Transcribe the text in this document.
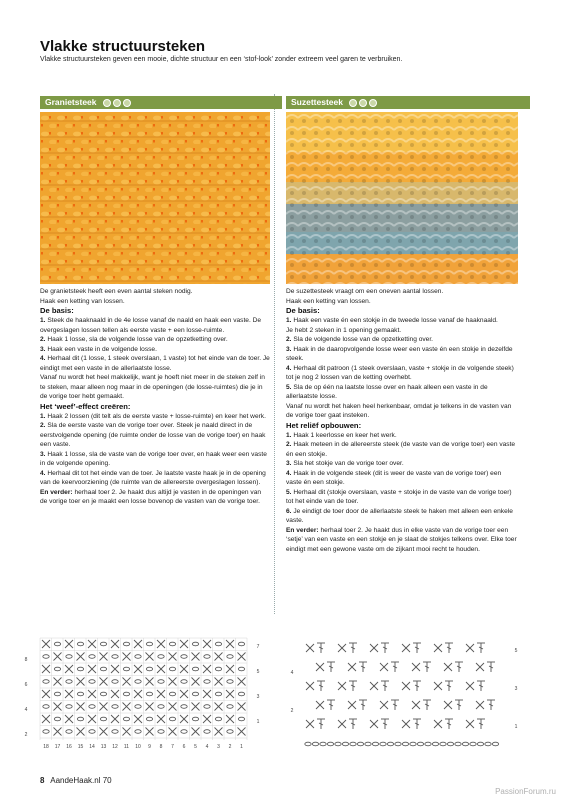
Vlakke structuursteken
Vlakke structuursteken geven een mooie, dichte structuur en een ‘stof-look’ zonder extreem veel garen te verbruiken.
Granietsteek

De granietsteek heeft een even aantal steken nodig.

Haak een ketting van lossen.

De basis:

1. Steek de haaknaald in de 4e losse vanaf de naald en haak een vaste. De overgeslagen lossen tellen als eerste vaste + een losse-ruimte.

2. Haak 1 losse, sla de volgende losse van de opzetketting over.

3. Haak een vaste in de volgende losse.

4. Herhaal dit (1 losse, 1 steek overslaan, 1 vaste) tot het einde van de toer. Je eindigt met een vaste in de allerlaatste losse.

Vanaf nu wordt het heel makkelijk, want je hoeft niet meer in de steken zelf in te steken, maar alleen nog maar in de openingen (de losse-ruimtes) die je in de vorige toer hebt gemaakt.

Het ‘weef’-effect creëren:

1. Haak 2 lossen (dit telt als de eerste vaste + losse-ruimte) en keer het werk.

2. Sla de eerste vaste van de vorige toer over. Steek je naald direct in de eerstvolgende opening (de ruimte onder de losse van de vorige toer) en haak een vaste.

3. Haak 1 losse, sla de vaste van de vorige toer over, en haak weer een vaste in de volgende opening.

4. Herhaal dit tot het einde van de toer. Je laatste vaste haak je in de opening van de keervoorziening (de ruimte van de allereerste overgeslagen lossen).

En verder: herhaal toer 2. Je haakt dus altijd je vasten in de openingen van de vorige toer en je maakt een losse bovenop de vasten van de vorige toer.

8
6
4
2
7
5
3
1
18 17 16 15 14 13 12 11 10 9 8 7 6 5 4 3 2 1
Suzettesteek

De suzettesteek vraagt om een oneven aantal lossen.

Haak een ketting van lossen.

De basis:

1. Haak een vaste én een stokje in de tweede losse vanaf de haaknaald.

Je hebt 2 steken in 1 opening gemaakt.

2. Sla de volgende losse van de opzetketting over.

3. Haak in de daaropvolgende losse weer een vaste én een stokje in dezelfde steek.

4. Herhaal dit patroon (1 steek overslaan, vaste + stokje in de volgende steek) tot je nog 2 lossen van de ketting overhebt.

5. Sla de op één na laatste losse over en haak alleen een vaste in de allerlaatste losse.

Vanaf nu wordt het haken heel herkenbaar, omdat je telkens in de vasten van de vorige toer gaat insteken.

Het reliëf opbouwen:

1. Haak 1 keerlosse en keer het werk.

2. Haak meteen in de allereerste steek (de vaste van de vorige toer) een vaste én een stokje.

3. Sla het stokje van de vorige toer over.

4. Haak in de volgende steek (dit is weer de vaste van de vorige toer) een vaste én een stokje.

5. Herhaal dit (stokje overslaan, vaste + stokje in de vaste van de vorige toer) tot het einde van de toer.

6. Je eindigt de toer door de allerlaatste steek te haken met alleen een enkele vaste.

En verder: herhaal toer 2. Je haakt dus in elke vaste van de vorige toer een ‘setje’ van een vaste en een stokje en je slaat de stokjes telkens over. Elke toer eindigt met een gewone vaste om de zijkant mooi recht te houden.

4
2
5
3
1
8 AandeHaak.nl 70
PassionForum.ru
